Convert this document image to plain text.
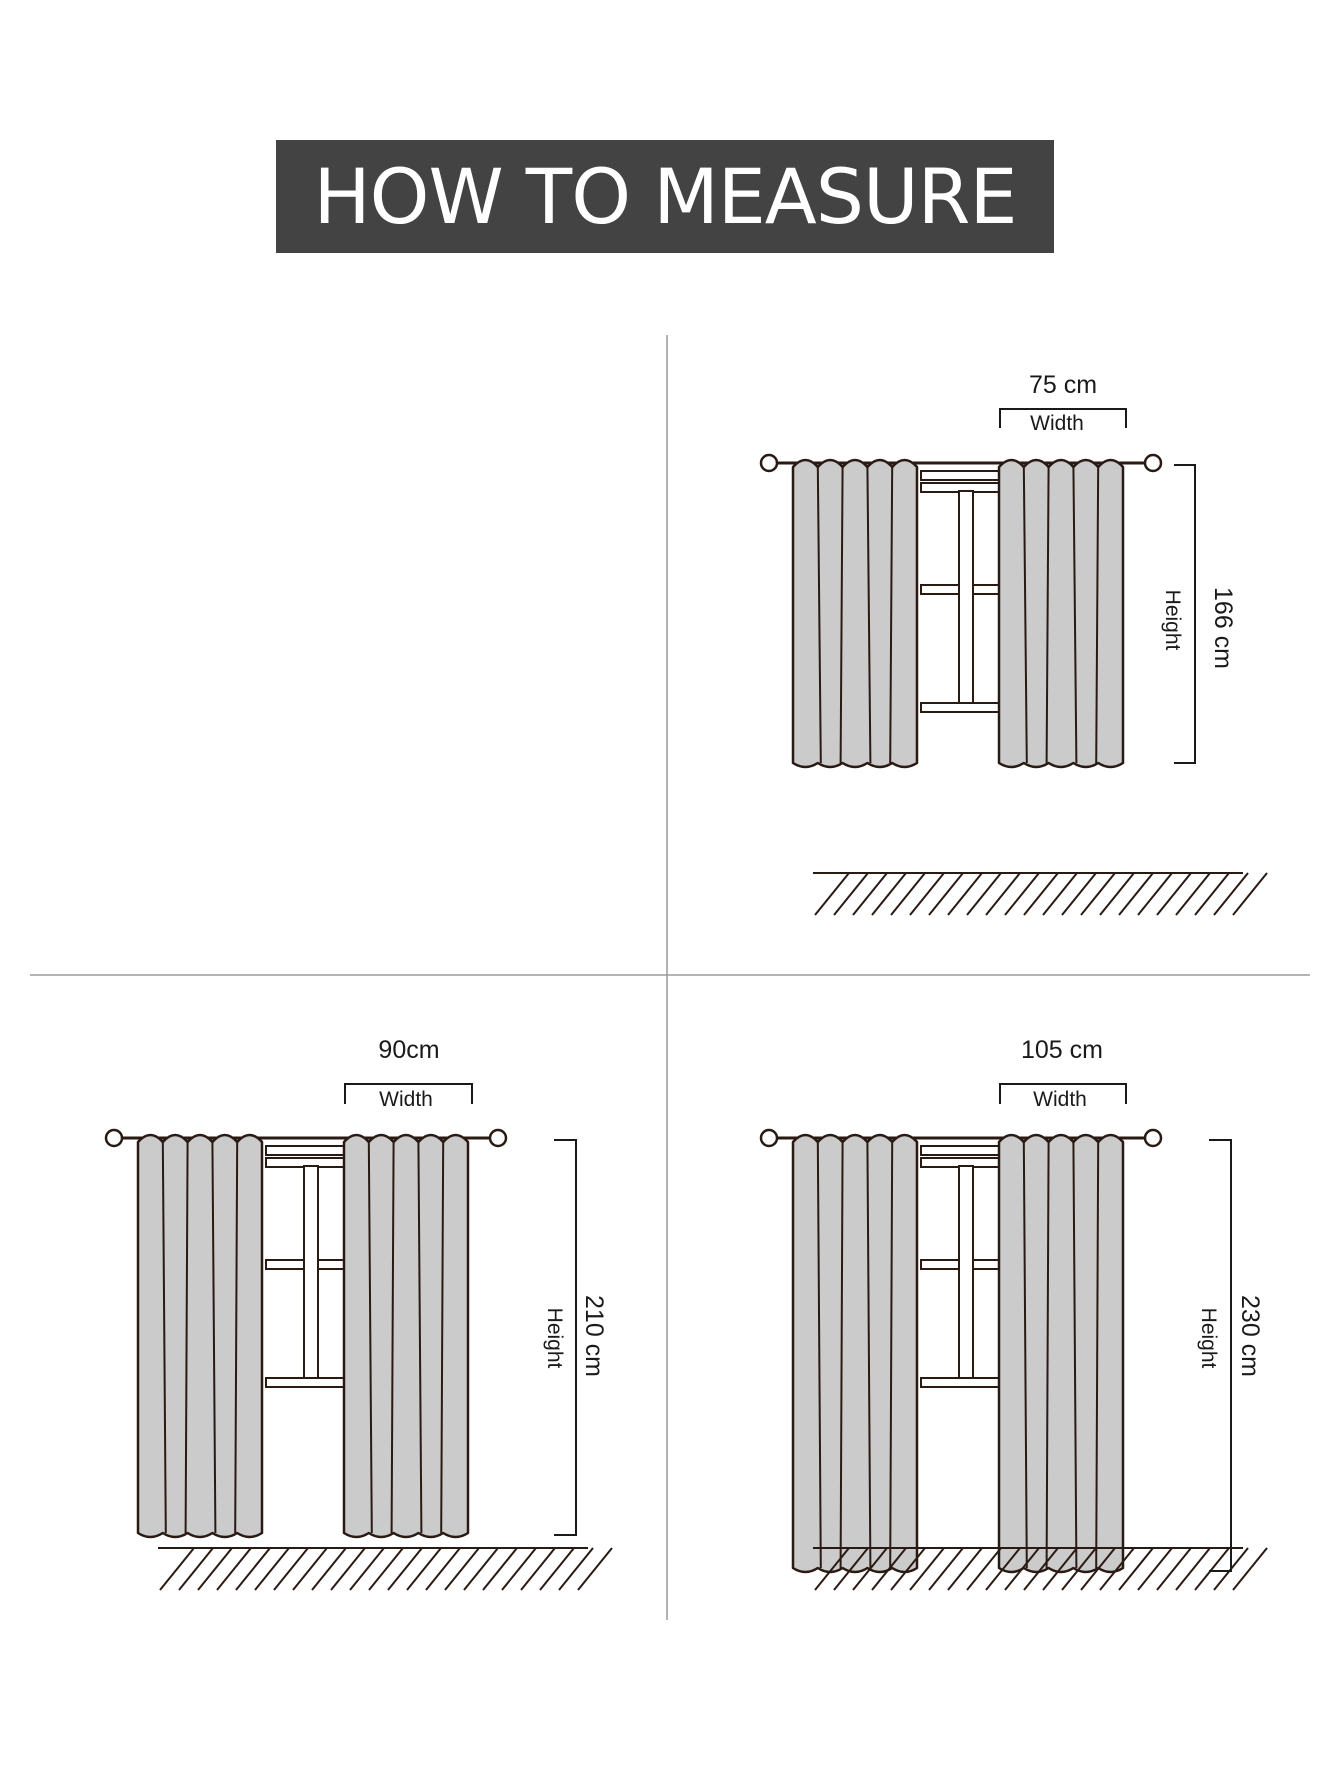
HOW TO MEASURE
75 cm
Width
166 cm
Height
90cm
Width
210 cm
Height
105 cm
Width
230 cm
Height
